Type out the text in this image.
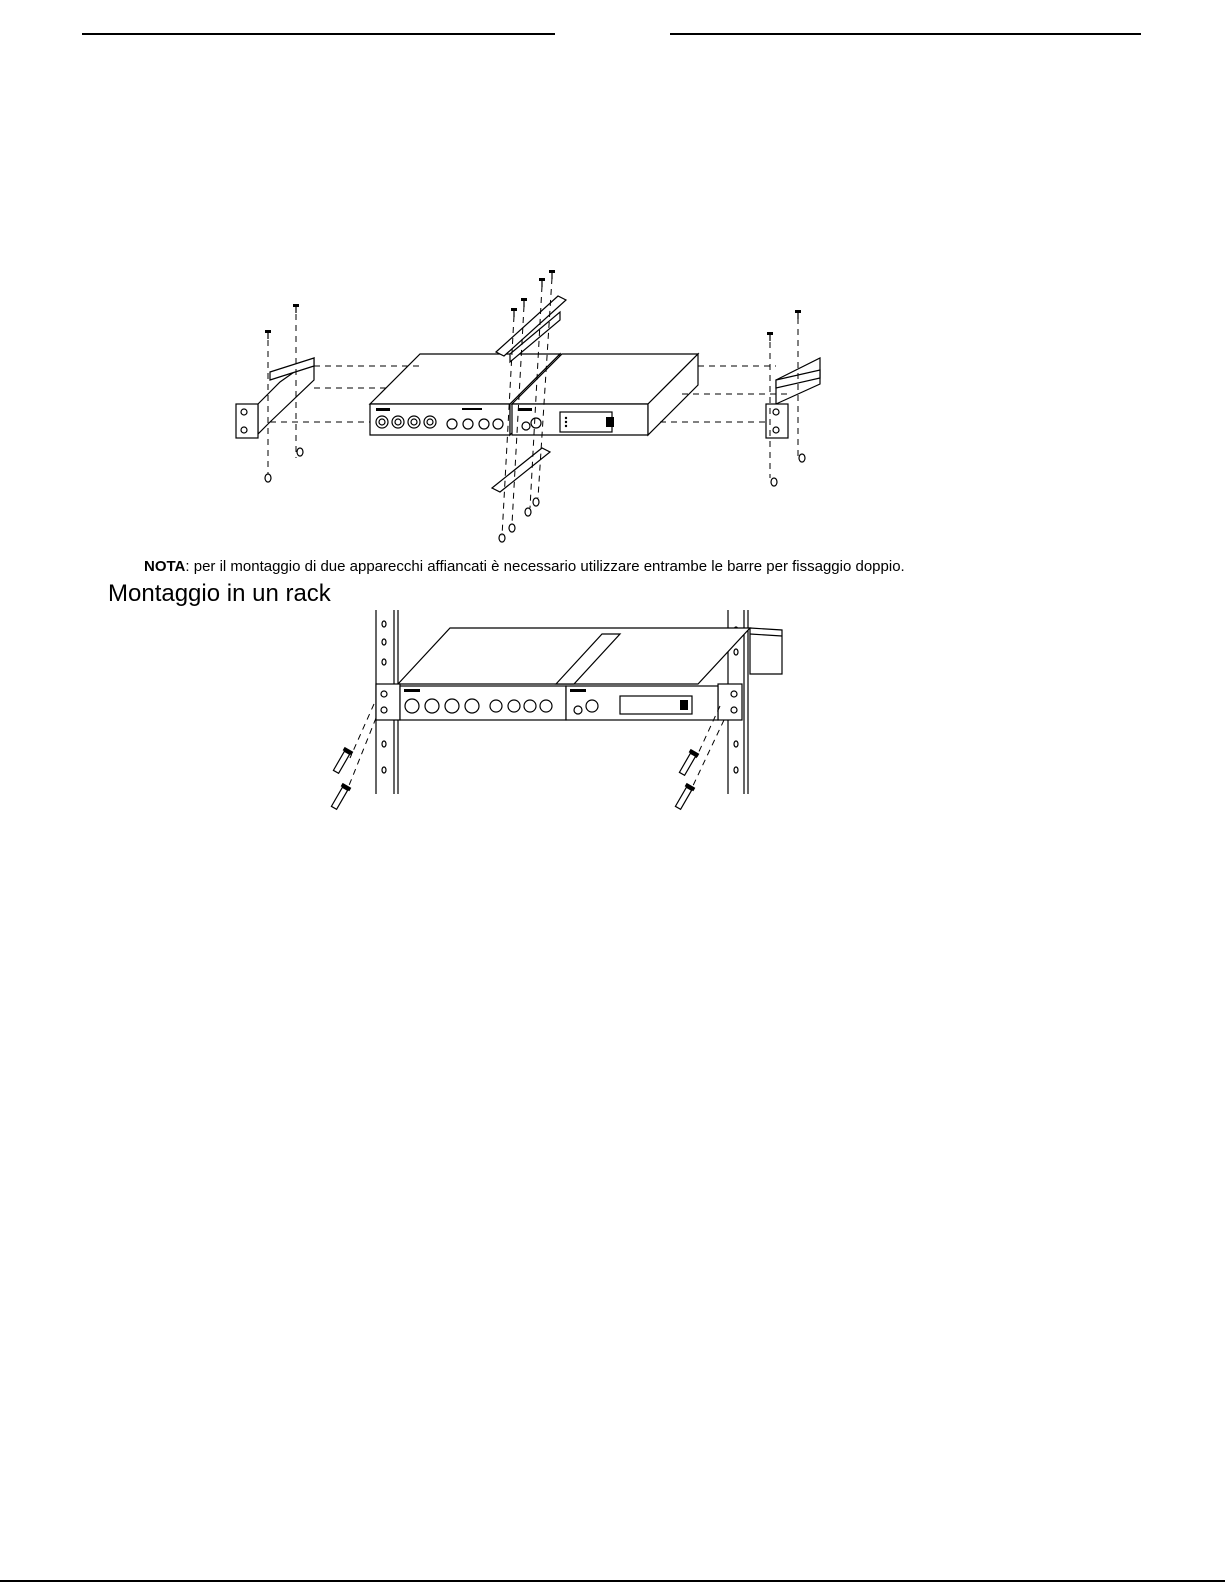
NOTA: per il montaggio di due apparecchi affiancati è necessario utilizzare entrambe le barre per fissaggio doppio.
Montaggio in un rack
